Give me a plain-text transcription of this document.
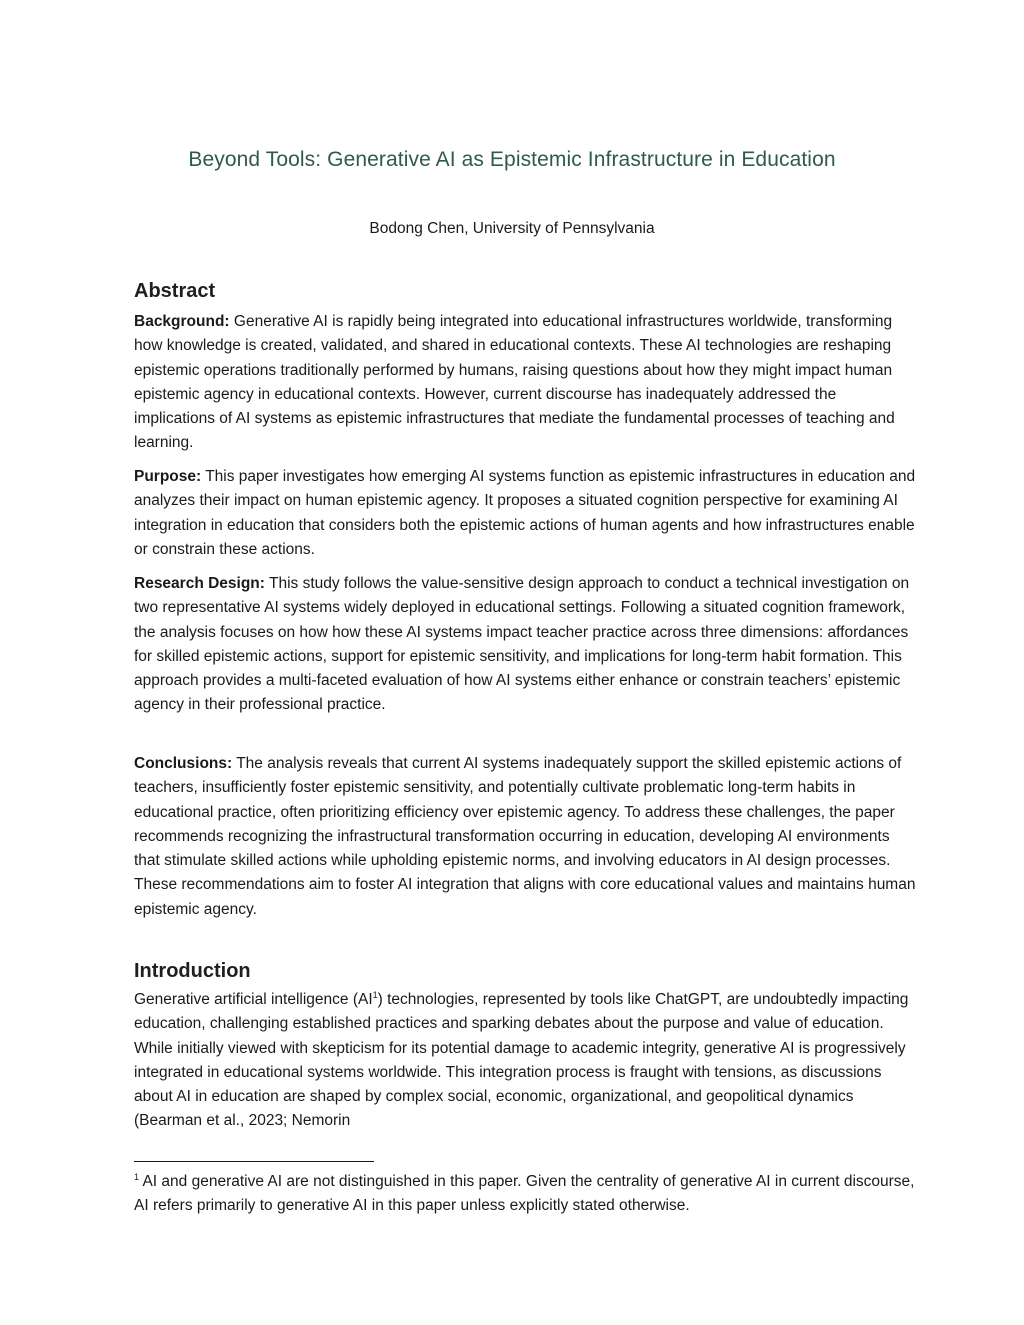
Beyond Tools: Generative AI as Epistemic Infrastructure in Education
Bodong Chen, University of Pennsylvania
Abstract

Background: Generative AI is rapidly being integrated into educational infrastructures worldwide, transforming how knowledge is created, validated, and shared in educational contexts. These AI technologies are reshaping epistemic operations traditionally performed by humans, raising questions about how they might impact human epistemic agency in educational contexts. However, current discourse has inadequately addressed the implications of AI systems as epistemic infrastructures that mediate the fundamental processes of teaching and learning.

Purpose: This paper investigates how emerging AI systems function as epistemic infrastructures in education and analyzes their impact on human epistemic agency. It proposes a situated cognition perspective for examining AI integration in education that considers both the epistemic actions of human agents and how infrastructures enable or constrain these actions.

Research Design: This study follows the value-sensitive design approach to conduct a technical investigation on two representative AI systems widely deployed in educational settings. Following a situated cognition framework, the analysis focuses on how how these AI systems impact teacher practice across three dimensions: affordances for skilled epistemic actions, support for epistemic sensitivity, and implications for long-term habit formation. This approach provides a multi-faceted evaluation of how AI systems either enhance or constrain teachers’ epistemic agency in their professional practice.

Conclusions: The analysis reveals that current AI systems inadequately support the skilled epistemic actions of teachers, insufficiently foster epistemic sensitivity, and potentially cultivate problematic long-term habits in educational practice, often prioritizing efficiency over epistemic agency. To address these challenges, the paper recommends recognizing the infrastructural transformation occurring in education, developing AI environments that stimulate skilled actions while upholding epistemic norms, and involving educators in AI design processes. These recommendations aim to foster AI integration that aligns with core educational values and maintains human epistemic agency.

Introduction

Generative artificial intelligence $(AI^1)$ technologies, represented by tools like ChatGPT, are undoubtedly impacting education, challenging established practices and sparking debates about the purpose and value of education. While initially viewed with skepticism for its potential damage to academic integrity, generative AI is progressively integrated in educational systems worldwide. This integration process is fraught with tensions, as discussions about AI in education are shaped by complex social, economic, organizational, and geopolitical dynamics (Bearman et al., 2023; Nemorin

$^1$ AI and generative AI are not distinguished in this paper. Given the centrality of generative AI in current discourse, AI refers primarily to generative AI in this paper unless explicitly stated otherwise.
